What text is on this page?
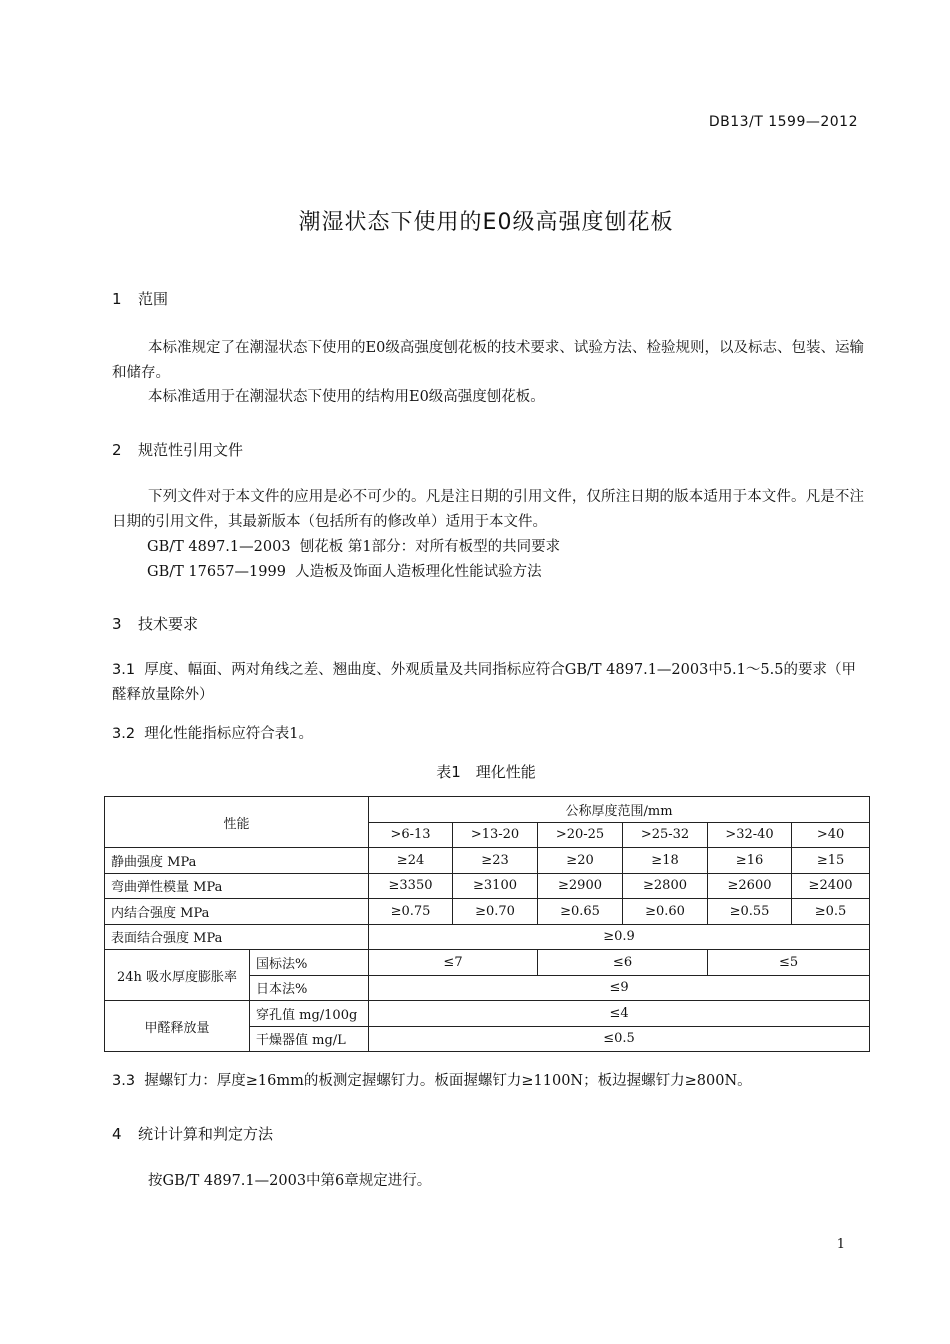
DB13/T 1599—2012
潮湿状态下使用的E0级高强度刨花板
1 范围
本标准规定了在潮湿状态下使用的E0级高强度刨花板的技术要求、试验方法、检验规则，以及标志、包装、运输和储存。
本标准适用于在潮湿状态下使用的结构用E0级高强度刨花板。
2 规范性引用文件
下列文件对于本文件的应用是必不可少的。凡是注日期的引用文件，仅所注日期的版本适用于本文件。凡是不注日期的引用文件，其最新版本（包括所有的修改单）适用于本文件。
GB/T 4897.1—2003  刨花板 第1部分：对所有板型的共同要求
GB/T 17657—1999  人造板及饰面人造板理化性能试验方法
3 技术要求
3.1 厚度、幅面、两对角线之差、翘曲度、外观质量及共同指标应符合GB/T 4897.1—2003中5.1～5.5的要求（甲醛释放量除外）
3.2 理化性能指标应符合表1。
表1　理化性能
性能		公称厚度范围/mm					
		>6-13	>13-20	>20-25	>25-32	>32-40	>40
静曲强度 MPa		≥24	≥23	≥20	≥18	≥16	≥15
弯曲弹性模量 MPa		≥3350	≥3100	≥2900	≥2800	≥2600	≥2400
内结合强度 MPa		≥0.75	≥0.70	≥0.65	≥0.60	≥0.55	≥0.5
表面结合强度 MPa		≥0.9					
24h 吸水厚度膨胀率	国标法%	≤7		≤6		≤5	
	日本法%	≤9					
甲醛释放量	穿孔值 mg/100g	≤4					
	干燥器值 mg/L	≤0.5					
3.3 握螺钉力：厚度≥16mm的板测定握螺钉力。板面握螺钉力≥1100N；板边握螺钉力≥800N。
4 统计计算和判定方法
按GB/T 4897.1—2003中第6章规定进行。
1
